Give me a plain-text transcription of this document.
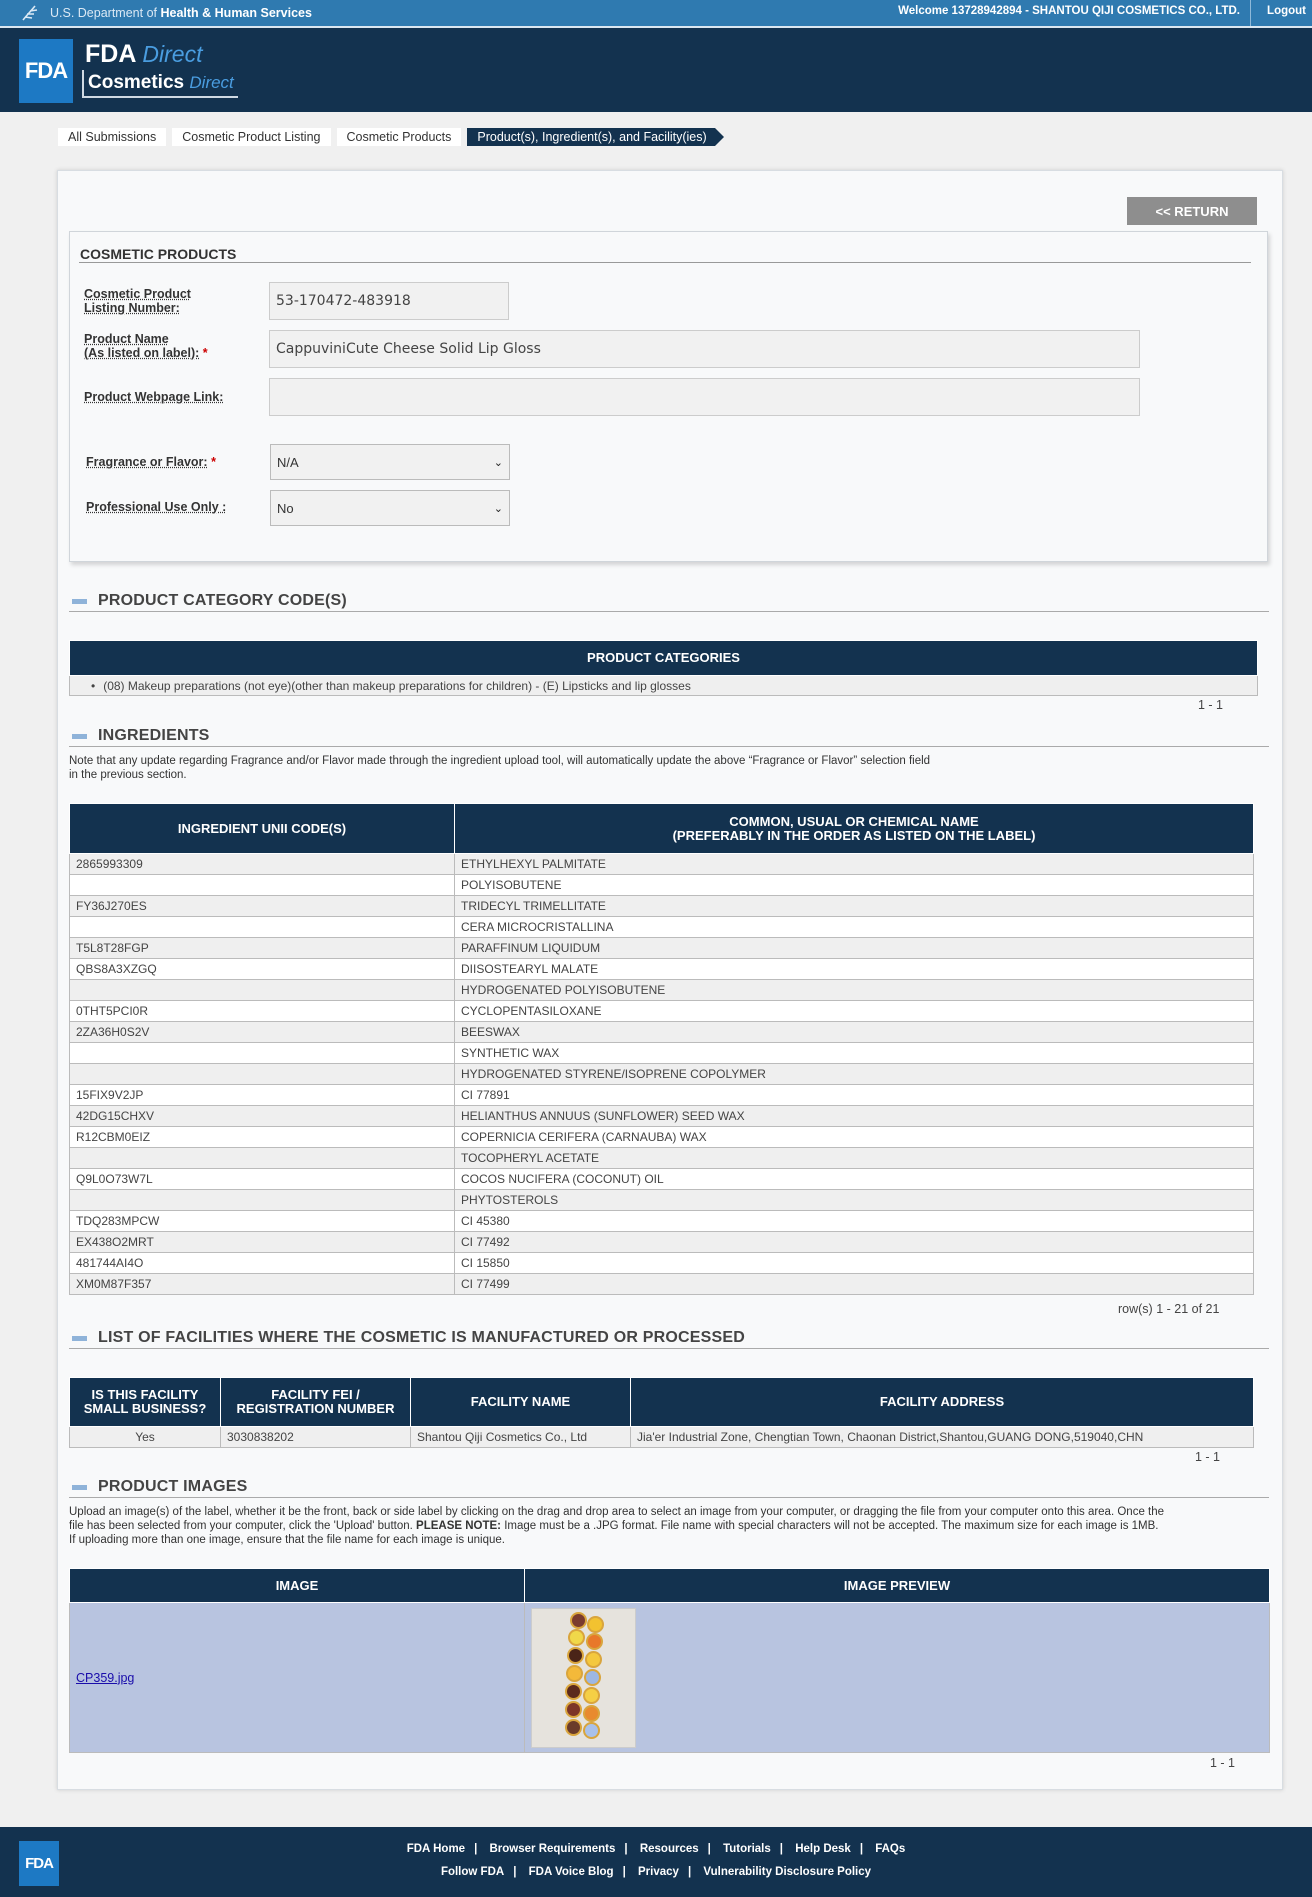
U.S. Department of Health & Human Services	Welcome 13728942894 - SHANTOU QIJI COSMETICS CO., LTD. Logout
FDA
FDA Direct
Cosmetics Direct
All Submissions	Cosmetic Product Listing	Cosmetic Products	Product(s), Ingredient(s), and Facility(ies)
<< RETURN
COSMETIC PRODUCTS
Cosmetic Product
Listing Number:	53-170472-483918
Product Name
(As listed on label): *	CappuviniCute Cheese Solid Lip Gloss
Product Webpage Link:
Fragrance or Flavor: *	N/A	⌄
Professional Use Only :	No	⌄
PRODUCT CATEGORY CODE(S)
PRODUCT CATEGORIES
• (08) Makeup preparations (not eye)(other than makeup preparations for children) - (E) Lipsticks and lip glosses
1 - 1
INGREDIENTS
Note that any update regarding Fragrance and/or Flavor made through the ingredient upload tool, will automatically update the above “Fragrance or Flavor” selection field
in the previous section.
INGREDIENT UNII CODE(S)	COMMON, USUAL OR CHEMICAL NAME
(PREFERABLY IN THE ORDER AS LISTED ON THE LABEL)
2865993309	ETHYLHEXYL PALMITATE
	POLYISOBUTENE
FY36J270ES	TRIDECYL TRIMELLITATE
	CERA MICROCRISTALLINA
T5L8T28FGP	PARAFFINUM LIQUIDUM
QBS8A3XZGQ	DIISOSTEARYL MALATE
	HYDROGENATED POLYISOBUTENE
0THT5PCI0R	CYCLOPENTASILOXANE
2ZA36H0S2V	BEESWAX
	SYNTHETIC WAX
	HYDROGENATED STYRENE/ISOPRENE COPOLYMER
15FIX9V2JP	CI 77891
42DG15CHXV	HELIANTHUS ANNUUS (SUNFLOWER) SEED WAX
R12CBM0EIZ	COPERNICIA CERIFERA (CARNAUBA) WAX
	TOCOPHERYL ACETATE
Q9L0O73W7L	COCOS NUCIFERA (COCONUT) OIL
	PHYTOSTEROLS
TDQ283MPCW	CI 45380
EX438O2MRT	CI 77492
481744AI4O	CI 15850
XM0M87F357	CI 77499
row(s) 1 - 21 of 21
LIST OF FACILITIES WHERE THE COSMETIC IS MANUFACTURED OR PROCESSED
IS THIS FACILITY
SMALL BUSINESS?	FACILITY FEI /
REGISTRATION NUMBER	FACILITY NAME	FACILITY ADDRESS
Yes	3030838202	Shantou Qiji Cosmetics Co., Ltd	Jia'er Industrial Zone, Chengtian Town, Chaonan District,Shantou,GUANG DONG,519040,CHN
1 - 1
PRODUCT IMAGES
Upload an image(s) of the label, whether it be the front, back or side label by clicking on the drag and drop area to select an image from your computer, or dragging the file from your computer onto this area. Once the
file has been selected from your computer, click the 'Upload' button. PLEASE NOTE: Image must be a .JPG format. File name with special characters will not be accepted. The maximum size for each image is 1MB.
If uploading more than one image, ensure that the file name for each image is unique.
IMAGE	IMAGE PREVIEW
CP359.jpg	
1 - 1
FDA
FDA Home | Browser Requirements | Resources | Tutorials | Help Desk | FAQs
Follow FDA | FDA Voice Blog | Privacy | Vulnerability Disclosure Policy
